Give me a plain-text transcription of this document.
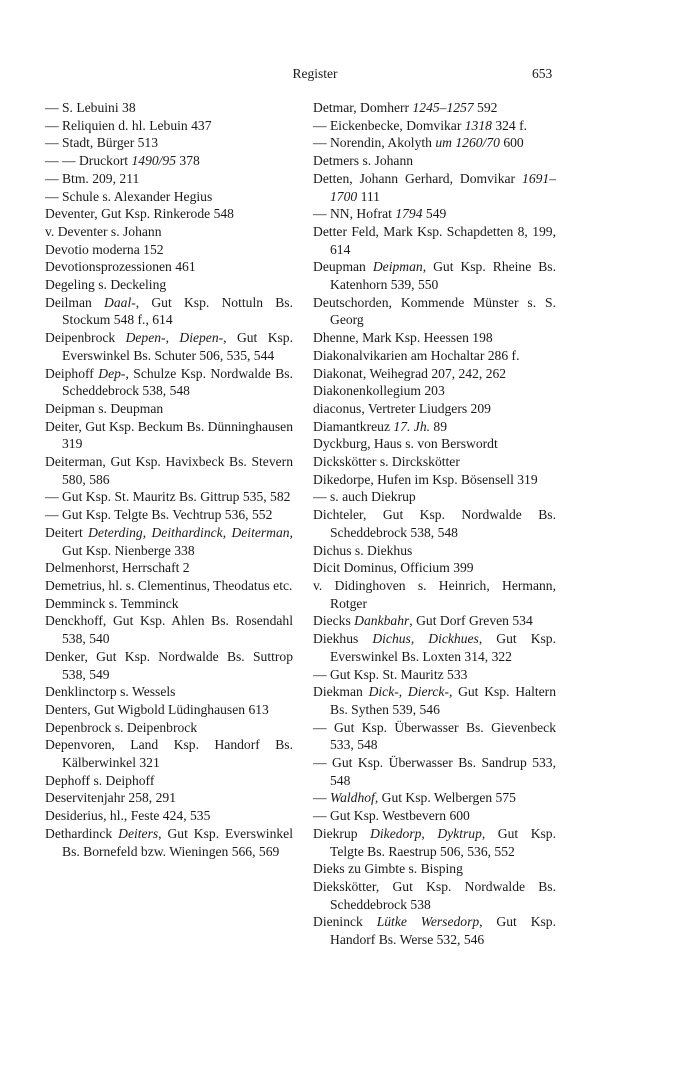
Register	653

— S. Lebuini 38

— Reliquien d. hl. Lebuin 437

— Stadt, Bürger 513

— — Druckort 1490/95 378

— Btm. 209, 211

— Schule s. Alexander Hegius

Deventer, Gut Ksp. Rinkerode 548

v. Deventer s. Johann

Devotio moderna 152

Devotionsprozessionen 461

Degeling s. Deckeling

Deilman Daal-, Gut Ksp. Nottuln Bs. Stockum 548 f., 614

Deipenbrock Depen-, Diepen-, Gut Ksp. Everswinkel Bs. Schuter 506, 535, 544

Deiphoff Dep-, Schulze Ksp. Nordwalde Bs. Scheddebrock 538, 548

Deipman s. Deupman

Deiter, Gut Ksp. Beckum Bs. Dünninghausen 319

Deiterman, Gut Ksp. Havixbeck Bs. Stevern 580, 586

— Gut Ksp. St. Mauritz Bs. Gittrup 535, 582

— Gut Ksp. Telgte Bs. Vechtrup 536, 552

Deitert Deterding, Deithardinck, Deiterman, Gut Ksp. Nienberge 338

Delmenhorst, Herrschaft 2

Demetrius, hl. s. Clementinus, Theodatus etc.

Demminck s. Temminck

Denckhoff, Gut Ksp. Ahlen Bs. Rosendahl 538, 540

Denker, Gut Ksp. Nordwalde Bs. Suttrop 538, 549

Denklinctorp s. Wessels

Denters, Gut Wigbold Lüdinghausen 613

Depenbrock s. Deipenbrock

Depenvoren, Land Ksp. Handorf Bs. Kälberwinkel 321

Dephoff s. Deiphoff

Deservitenjahr 258, 291

Desiderius, hl., Feste 424, 535

Dethardinck Deiters, Gut Ksp. Everswinkel Bs. Bornefeld bzw. Wieningen 566, 569

Detmar, Domherr 1245–1257 592

— Eickenbecke, Domvikar 1318 324 f.

— Norendin, Akolyth um 1260/70 600

Detmers s. Johann

Detten, Johann Gerhard, Domvikar 1691–1700 111

— NN, Hofrat 1794 549

Detter Feld, Mark Ksp. Schapdetten 8, 199, 614

Deupman Deipman, Gut Ksp. Rheine Bs. Katenhorn 539, 550

Deutschorden, Kommende Münster s. S. Georg

Dhenne, Mark Ksp. Heessen 198

Diakonalvikarien am Hochaltar 286 f.

Diakonat, Weihegrad 207, 242, 262

Diakonenkollegium 203

diaconus, Vertreter Liudgers 209

Diamantkreuz 17. Jh. 89

Dyckburg, Haus s. von Berswordt

Dickskötter s. Dirckskötter

Dikedorpe, Hufen im Ksp. Bösensell 319

— s. auch Diekrup

Dichteler, Gut Ksp. Nordwalde Bs. Scheddebrock 538, 548

Dichus s. Diekhus

Dicit Dominus, Officium 399

v. Didinghoven s. Heinrich, Hermann, Rotger

Diecks Dankbahr, Gut Dorf Greven 534

Diekhus Dichus, Dickhues, Gut Ksp. Everswinkel Bs. Loxten 314, 322

— Gut Ksp. St. Mauritz 533

Diekman Dick-, Dierck-, Gut Ksp. Haltern Bs. Sythen 539, 546

— Gut Ksp. Überwasser Bs. Gievenbeck 533, 548

— Gut Ksp. Überwasser Bs. Sandrup 533, 548

— Waldhof, Gut Ksp. Welbergen 575

— Gut Ksp. Westbevern 600

Diekrup Dikedorp, Dyktrup, Gut Ksp. Telgte Bs. Raestrup 506, 536, 552

Dieks zu Gimbte s. Bisping

Diekskötter, Gut Ksp. Nordwalde Bs. Scheddebrock 538

Dieninck Lütke Wersedorp, Gut Ksp. Handorf Bs. Werse 532, 546
